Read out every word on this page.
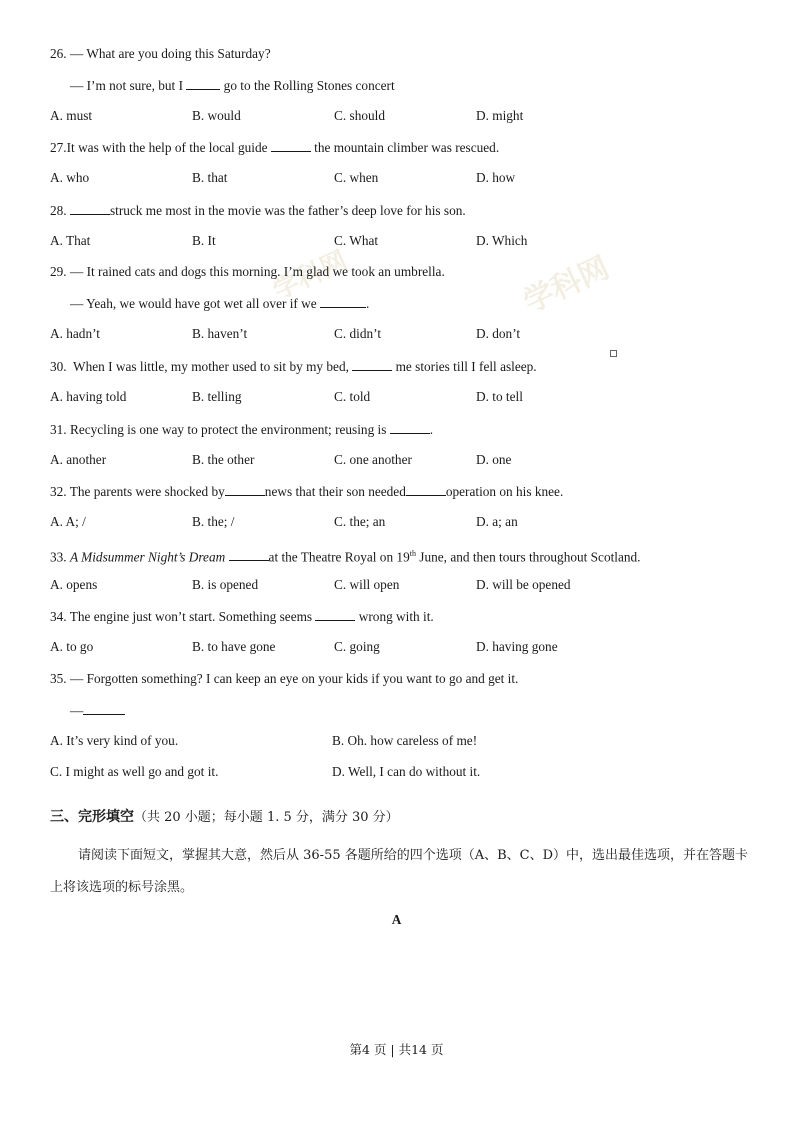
学科网
学科网
26. — What are you doing this Saturday?
— I’m not sure, but I	go to the Rolling Stones concert
A. must	B. would	C. should	D. might
27.It was with the help of the local guide	the mountain climber was rescued.
A. who	B. that	C. when	D. how
28.	struck me most in the movie was the father’s deep love for his son.
A. That	B. It	C. What	D. Which
29. — It rained cats and dogs this morning. I’m glad we took an umbrella.
— Yeah, we would have got wet all over if we	.
A. hadn’t	B. haven’t	C. didn’t	D. don’t
30. When I was little, my mother used to sit by my bed,	me stories till I fell asleep.
A. having told	B. telling	C. told	D. to tell
31. Recycling is one way to protect the environment; reusing is	.
A. another	B. the other	C. one another	D. one
32. The parents were shocked by	news that their son needed	operation on his knee.
A. A; /	B. the; /	C. the; an	D. a; an
33. A Midsummer Night’s Dream	at the Theatre Royal on 19th June, and then tours throughout Scotland.
A. opens	B. is opened	C. will open	D. will be opened
34. The engine just won’t start. Something seems	wrong with it.
A. to go	B. to have gone	C. going	D. having gone
35. — Forgotten something? I can keep an eye on your kids if you want to go and get it.
—
A. It’s very kind of you.	B. Oh. how careless of me!
C. I might as well go and got it.	D. Well, I can do without it.
三、完形填空（共 20 小题；每小题 1. 5 分，满分 30 分）
请阅读下面短文，掌握其大意，然后从 36-55 各题所给的四个选项（A、B、C、D）中，选出最佳选项，并在答题卡上将该选项的标号涂黑。
A
第4 页 | 共14 页
